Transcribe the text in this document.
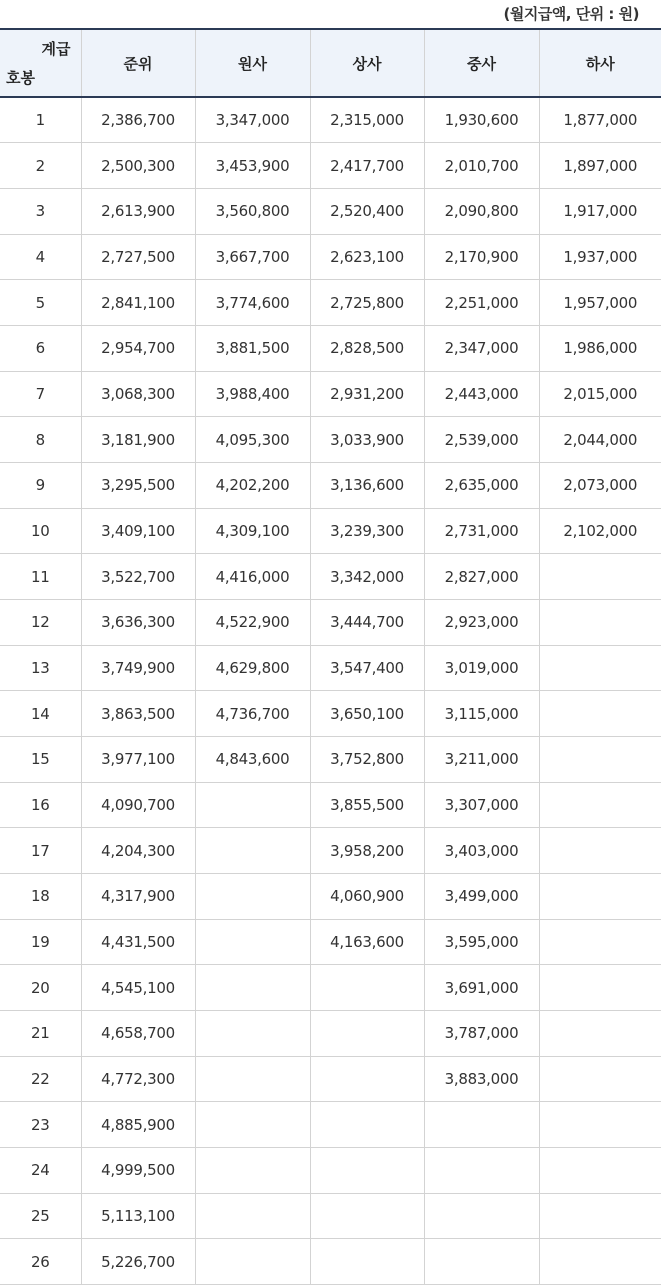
(월지급액, 단위 : 원)
계급
호봉	준위	원사	상사	중사	하사
1	2,386,700	3,347,000	2,315,000	1,930,600	1,877,000
2	2,500,300	3,453,900	2,417,700	2,010,700	1,897,000
3	2,613,900	3,560,800	2,520,400	2,090,800	1,917,000
4	2,727,500	3,667,700	2,623,100	2,170,900	1,937,000
5	2,841,100	3,774,600	2,725,800	2,251,000	1,957,000
6	2,954,700	3,881,500	2,828,500	2,347,000	1,986,000
7	3,068,300	3,988,400	2,931,200	2,443,000	2,015,000
8	3,181,900	4,095,300	3,033,900	2,539,000	2,044,000
9	3,295,500	4,202,200	3,136,600	2,635,000	2,073,000
10	3,409,100	4,309,100	3,239,300	2,731,000	2,102,000
11	3,522,700	4,416,000	3,342,000	2,827,000	
12	3,636,300	4,522,900	3,444,700	2,923,000	
13	3,749,900	4,629,800	3,547,400	3,019,000	
14	3,863,500	4,736,700	3,650,100	3,115,000	
15	3,977,100	4,843,600	3,752,800	3,211,000	
16	4,090,700		3,855,500	3,307,000	
17	4,204,300		3,958,200	3,403,000	
18	4,317,900		4,060,900	3,499,000	
19	4,431,500		4,163,600	3,595,000	
20	4,545,100			3,691,000	
21	4,658,700			3,787,000	
22	4,772,300			3,883,000	
23	4,885,900				
24	4,999,500				
25	5,113,100				
26	5,226,700				
